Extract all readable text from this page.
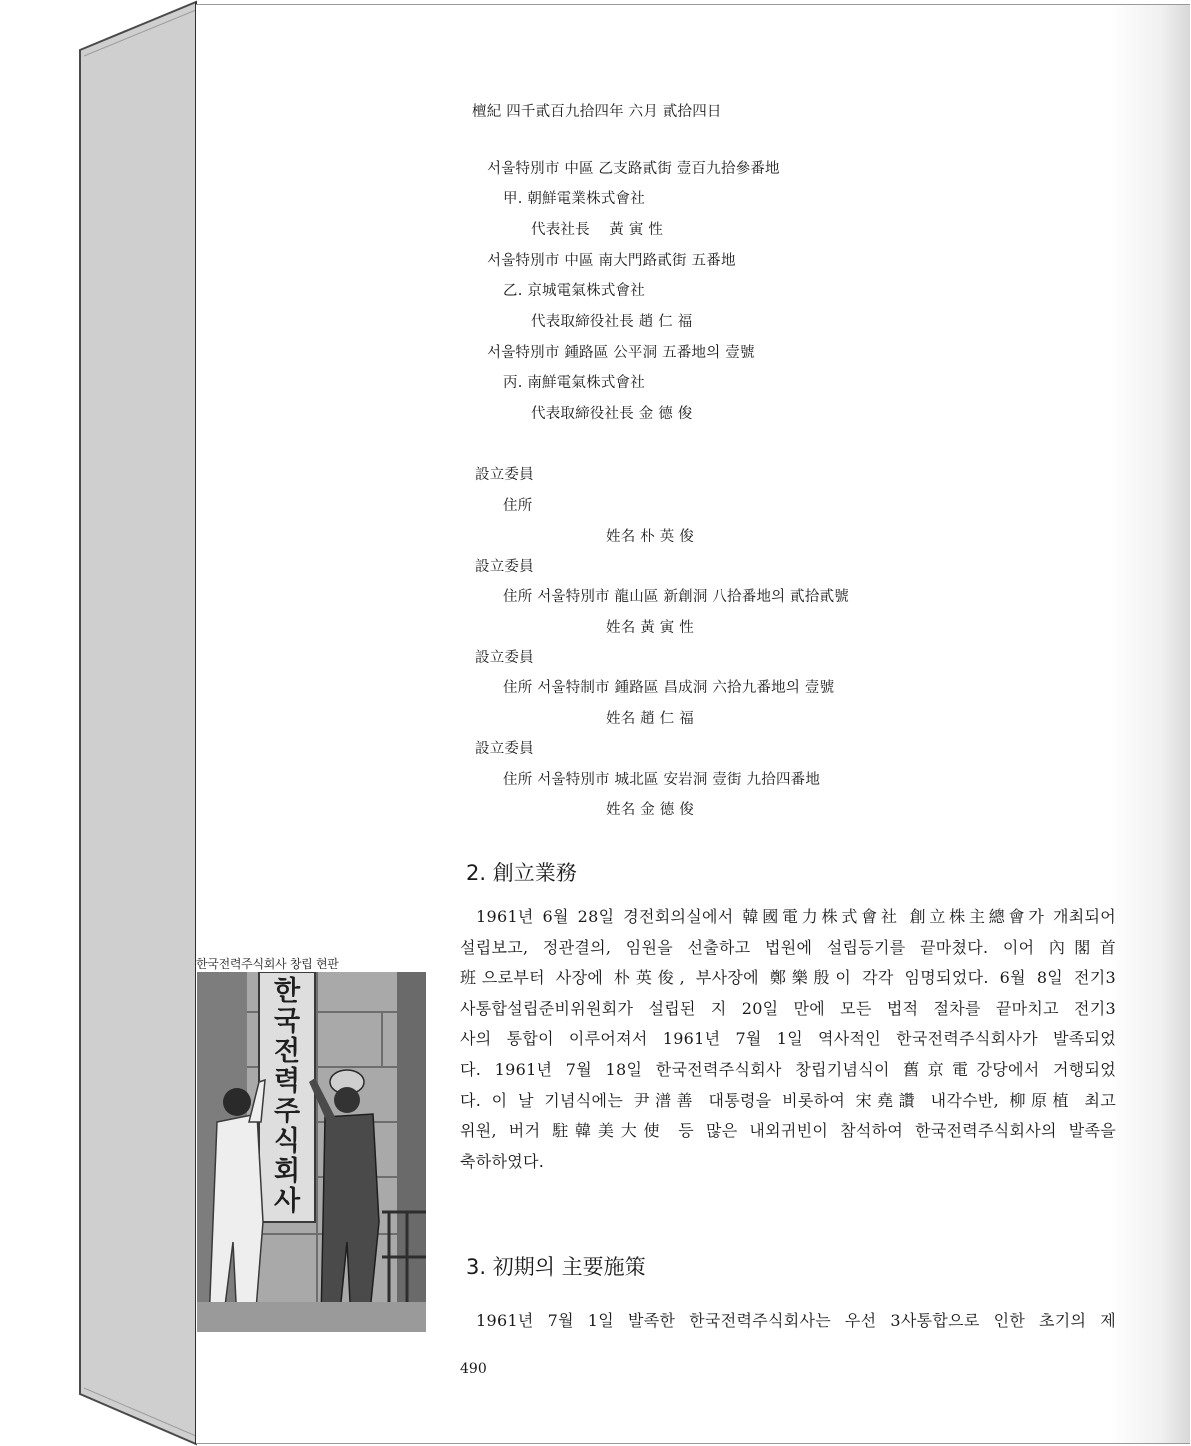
檀紀 四千貳百九拾四年 六月 貳拾四日
서울特別市 中區 乙支路貳街 壹百九拾參番地
甲. 朝鮮電業株式會社
代表社長　 黃 寅 性
서울特別市 中區 南大門路貳街 五番地
乙. 京城電氣株式會社
代表取締役社長 趙 仁 福
서울特別市 鍾路區 公平洞 五番地의 壹號
丙. 南鮮電氣株式會社
代表取締役社長 金 德 俊
設立委員
住所
姓名 朴 英 俊
設立委員
住所 서울特別市 龍山區 新創洞 八拾番地의 貳拾貳號
姓名 黃 寅 性
設立委員
住所 서울特制市 鍾路區 昌成洞 六拾九番地의 壹號
姓名 趙 仁 福
設立委員
住所 서울特別市 城北區 安岩洞 壹街 九拾四番地
姓名 金 德 俊
2. 創立業務
1961년 6월 28일 경전회의실에서 韓國電力株式會社 創立株主總會가 개최되어
설립보고, 정관결의, 임원을 선출하고 법원에 설립등기를 끝마쳤다. 이어 內閣首
班으로부터 사장에 朴英俊, 부사장에 鄭樂殷이 각각 임명되었다. 6월 8일 전기3
사통합설립준비위원회가 설립된 지 20일 만에 모든 법적 절차를 끝마치고 전기3
사의 통합이 이루어져서 1961년 7월 1일 역사적인 한국전력주식회사가 발족되었
다. 1961년 7월 18일 한국전력주식회사 창립기념식이 舊京電강당에서 거행되었
다. 이 날 기념식에는 尹潽善 대통령을 비롯하여 宋堯讚 내각수반, 柳原植 최고
위원, 버거 駐韓美大使 등 많은 내외귀빈이 참석하여 한국전력주식회사의 발족을
축하하였다.
3. 初期의 主要施策
1961년 7월 1일 발족한 한국전력주식회사는 우선 3사통합으로 인한 초기의 제
한국전력주식회사 창립 현판
한
국
전
력
주
식
회
사
490
